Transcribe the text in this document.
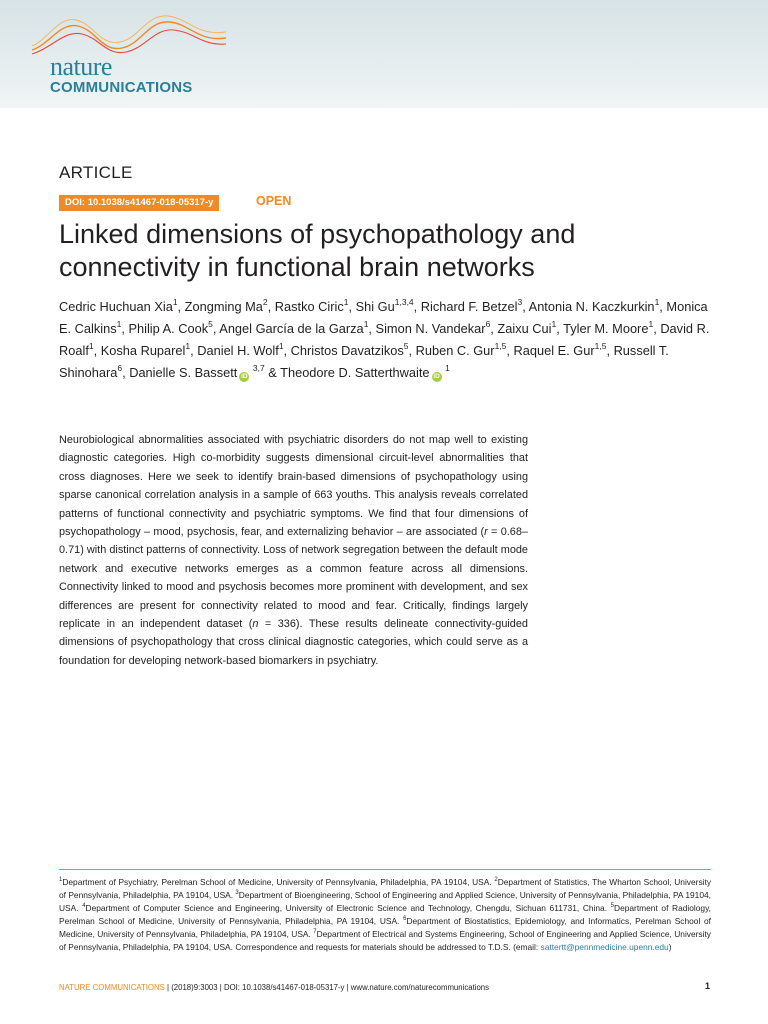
nature
COMMUNICATIONS
ARTICLE
DOI: 10.1038/s41467-018-05317-y	OPEN
Linked dimensions of psychopathology and connectivity in functional brain networks
Cedric Huchuan Xia$^1$, Zongming Ma$^2$, Rastko Ciric$^1$, Shi Gu$^{1,3,4}$, Richard F. Betzel$^3$, Antonia N. Kaczkurkin$^1$, Monica E. Calkins$^1$, Philip A. Cook$^5$, Angel García de la Garza$^1$, Simon N. Vandekar$^6$, Zaixu Cui$^1$, Tyler M. Moore$^1$, David R. Roalf$^1$, Kosha Ruparel$^1$, Daniel H. Wolf$^1$, Christos Davatzikos$^5$, Ruben C. Gur$^{1,5}$, Raquel E. Gur$^{1,5}$, Russell T. Shinohara$^6$, Danielle S. Bassett iD $^{3,7}$ & Theodore D. Satterthwaite iD $^1$

Neurobiological abnormalities associated with psychiatric disorders do not map well to existing diagnostic categories. High co-morbidity suggests dimensional circuit-level abnormalities that cross diagnoses. Here we seek to identify brain-based dimensions of psychopathology using sparse canonical correlation analysis in a sample of 663 youths. This analysis reveals correlated patterns of functional connectivity and psychiatric symptoms. We find that four dimensions of psychopathology – mood, psychosis, fear, and externalizing behavior – are associated (r = 0.68–0.71) with distinct patterns of connectivity. Loss of network segregation between the default mode network and executive networks emerges as a common feature across all dimensions. Connectivity linked to mood and psychosis becomes more prominent with development, and sex differences are present for connectivity related to mood and fear. Critically, findings largely replicate in an independent dataset (n = 336). These results delineate connectivity-guided dimensions of psychopathology that cross clinical diagnostic categories, which could serve as a foundation for developing network-based biomarkers in psychiatry.

$^1$Department of Psychiatry, Perelman School of Medicine, University of Pennsylvania, Philadelphia, PA 19104, USA. $^2$Department of Statistics, The Wharton School, University of Pennsylvania, Philadelphia, PA 19104, USA. $^3$Department of Bioengineering, School of Engineering and Applied Science, University of Pennsylvania, Philadelphia, PA 19104, USA. $^4$Department of Computer Science and Engineering, University of Electronic Science and Technology, Chengdu, Sichuan 611731, China. $^5$Department of Radiology, Perelman School of Medicine, University of Pennsylvania, Philadelphia, PA 19104, USA. $^6$Department of Biostatistics, Epidemiology, and Informatics, Perelman School of Medicine, University of Pennsylvania, Philadelphia, PA 19104, USA. $^7$Department of Electrical and Systems Engineering, School of Engineering and Applied Science, University of Pennsylvania, Philadelphia, PA 19104, USA. Correspondence and requests for materials should be addressed to T.D.S. (email: sattertt@pennmedicine.upenn.edu)

NATURE COMMUNICATIONS | (2018)9:3003 | DOI: 10.1038/s41467-018-05317-y | www.nature.com/naturecommunications	1
